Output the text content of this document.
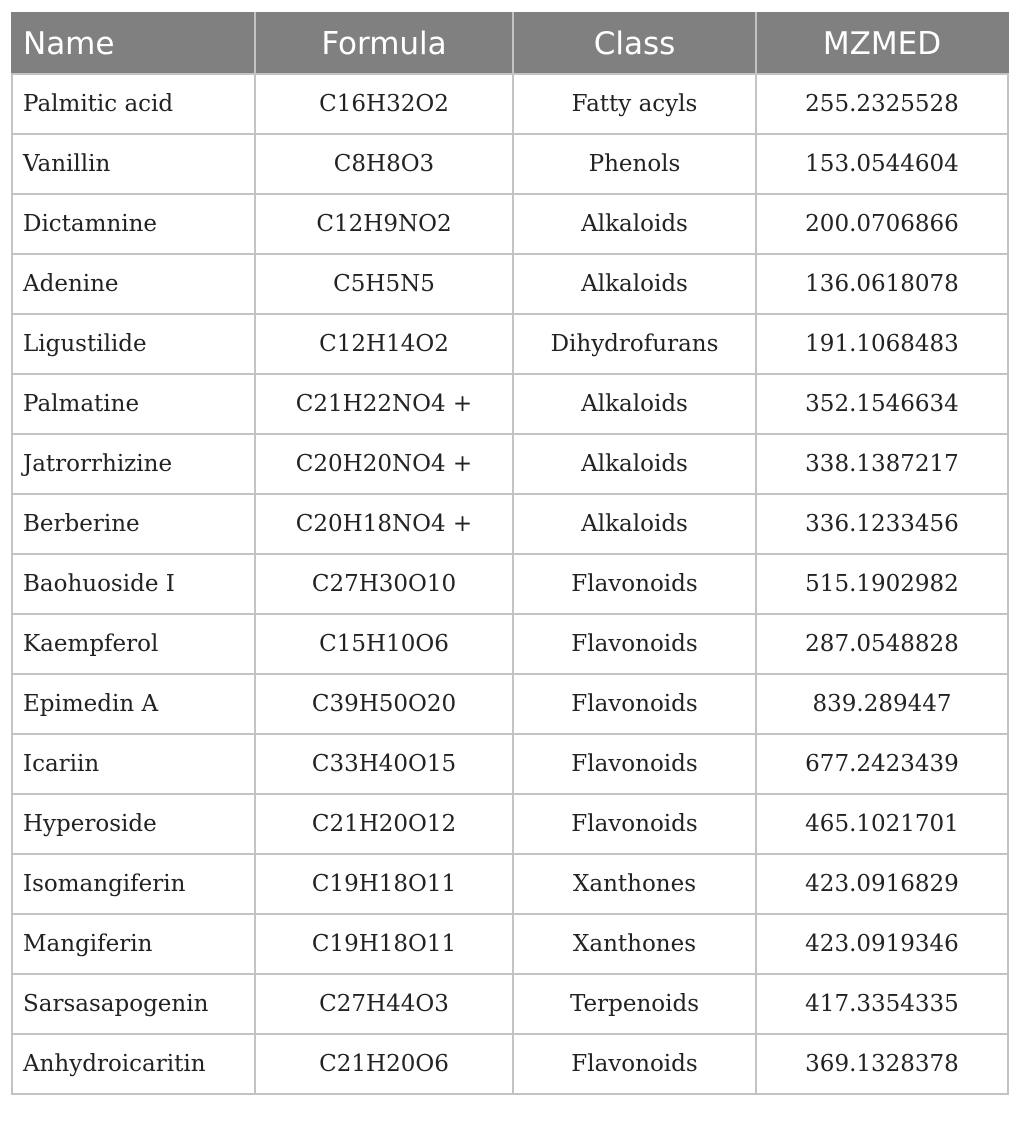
Name	Formula	Class	MZMED
Palmitic acid	C16H32O2	Fatty acyls	255.2325528
Vanillin	C8H8O3	Phenols	153.0544604
Dictamnine	C12H9NO2	Alkaloids	200.0706866
Adenine	C5H5N5	Alkaloids	136.0618078
Ligustilide	C12H14O2	Dihydrofurans	191.1068483
Palmatine	C21H22NO4 +	Alkaloids	352.1546634
Jatrorrhizine	C20H20NO4 +	Alkaloids	338.1387217
Berberine	C20H18NO4 +	Alkaloids	336.1233456
Baohuoside I	C27H30O10	Flavonoids	515.1902982
Kaempferol	C15H10O6	Flavonoids	287.0548828
Epimedin A	C39H50O20	Flavonoids	839.289447
Icariin	C33H40O15	Flavonoids	677.2423439
Hyperoside	C21H20O12	Flavonoids	465.1021701
Isomangiferin	C19H18O11	Xanthones	423.0916829
Mangiferin	C19H18O11	Xanthones	423.0919346
Sarsasapogenin	C27H44O3	Terpenoids	417.3354335
Anhydroicaritin	C21H20O6	Flavonoids	369.1328378
